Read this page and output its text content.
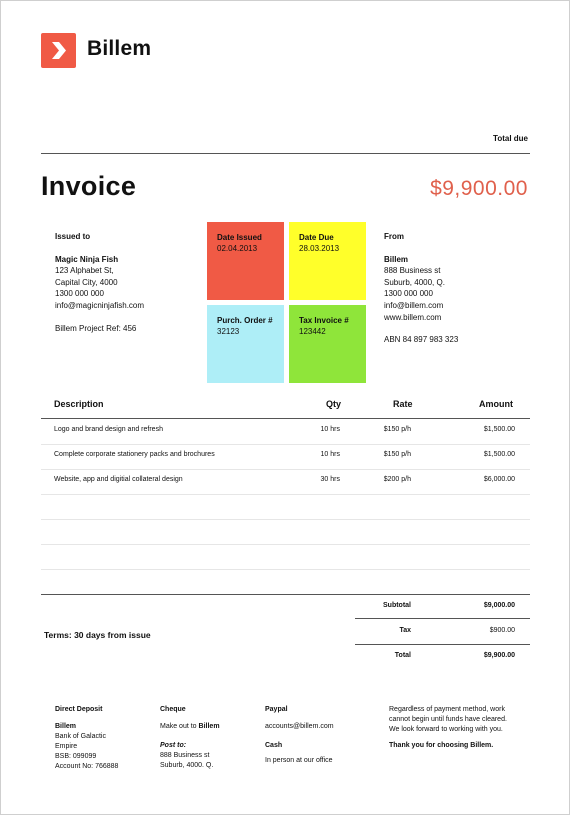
Billem
Total due
Invoice	$9,900.00
Issued to
Magic Ninja Fish
123 Alphabet St,
Capital City, 4000
1300 000 000
info@magicninjafish.com
Billem Project Ref: 456
Date Issued
02.04.2013
Date Due
28.03.2013
Purch. Order #
32123
Tax Invoice #
123442
From
Billem
888 Business st
Suburb, 4000, Q.
1300 000 000
info@billem.com
www.billem.com
ABN 84 897 983 323
Description	Qty	Rate	Amount
Logo and brand design and refresh	10 hrs	$150 p/h	$1,500.00
Complete corporate stationery packs and brochures	10 hrs	$150 p/h	$1,500.00
Website, app and digitial collateral design	30 hrs	$200 p/h	$6,000.00
Subtotal	$9,000.00
Tax	$900.00
Total	$9,900.00
Terms: 30 days from issue
Direct Deposit
Billem
Bank of Galactic
Empire
BSB: 099099
Account No: 766888
Cheque
Make out to Billem
Post to:
888 Business st
Suburb, 4000. Q.
Paypal
accounts@billem.com
Cash
In person at our office
Regardless of payment method, work
cannot begin until funds have cleared.
We look forward to working with you.
Thank you for choosing Billem.
